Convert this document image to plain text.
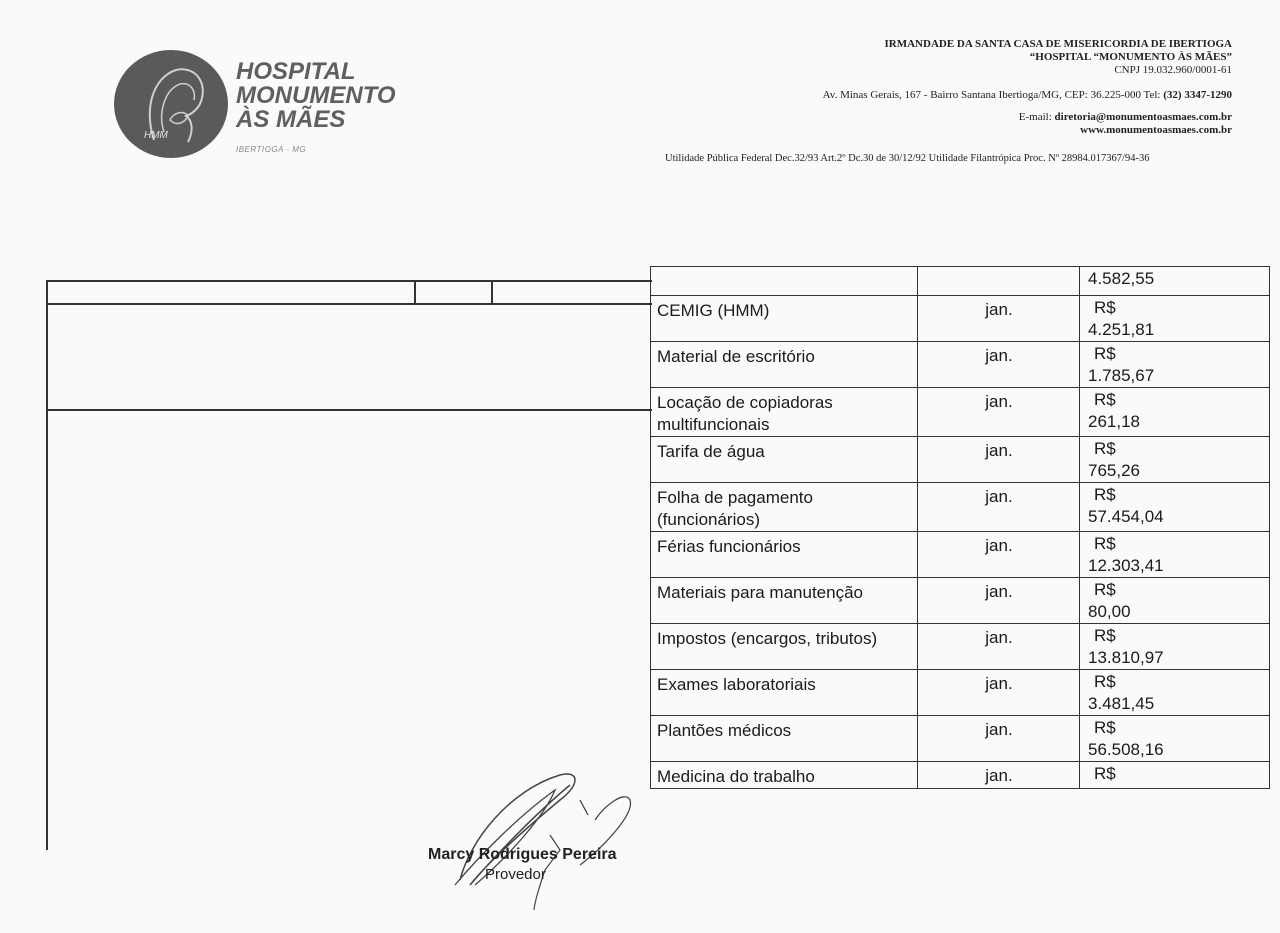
HMM
HOSPITAL
MONUMENTO
ÀS MÃES
IBERTIOGA - MG
IRMANDADE DA SANTA CASA DE MISERICORDIA DE IBERTIOGA
“HOSPITAL “MONUMENTO ÀS MÃES”
CNPJ 19.032.960/0001-61
Av. Minas Gerais, 167 - Bairro Santana Ibertioga/MG, CEP: 36.225-000 Tel: (32) 3347-1290
E-mail: diretoria@monumentoasmaes.com.br
www.monumentoasmaes.com.br
Utilidade Pública Federal Dec.32/93 Art.2º Dc.30 de 30/12/92 Utilidade Filantrópica Proc. Nº 28984.017367/94-36
		4.582,55
CEMIG (HMM)	jan.	R$
4.251,81
Material de escritório	jan.	R$
1.785,67
Locação de copiadoras multifuncionais	jan.	R$
261,18
Tarifa de água	jan.	R$
765,26
Folha de pagamento (funcionários)	jan.	R$
57.454,04
Férias funcionários	jan.	R$
12.303,41
Materiais para manutenção	jan.	R$
80,00
Impostos (encargos, tributos)	jan.	R$
13.810,97
Exames laboratoriais	jan.	R$
3.481,45
Plantões médicos	jan.	R$
56.508,16
Medicina do trabalho	jan.	R$
Marcy Rodrigues Pereira
Provedor
